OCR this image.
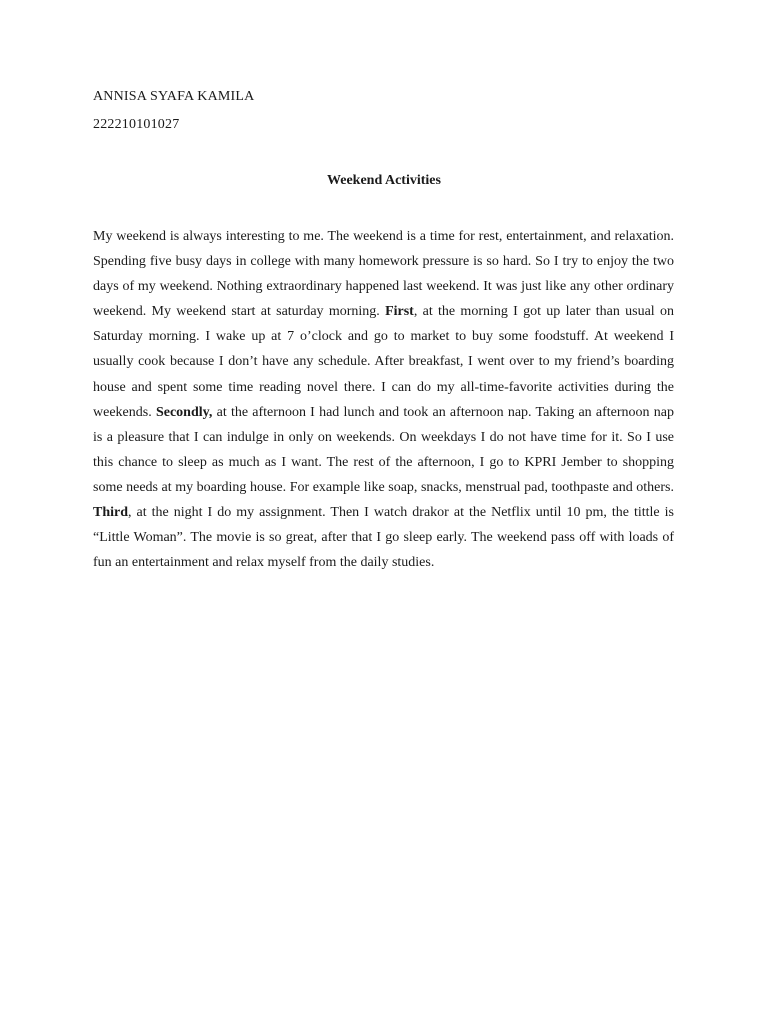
ANNISA SYAFA KAMILA
222210101027
Weekend Activities

My weekend is always interesting to me. The weekend is a time for rest, entertainment, and relaxation. Spending five busy days in college with many homework pressure is so hard. So I try to enjoy the two days of my weekend. Nothing extraordinary happened last weekend. It was just like any other ordinary weekend. My weekend start at saturday morning. First, at the morning I got up later than usual on Saturday morning. I wake up at 7 o’clock and go to market to buy some foodstuff. At weekend I usually cook because I don’t have any schedule. After breakfast, I went over to my friend’s boarding house and spent some time reading novel there. I can do my all-time-favorite activities during the weekends. Secondly, at the afternoon I had lunch and took an afternoon nap. Taking an afternoon nap is a pleasure that I can indulge in only on weekends. On weekdays I do not have time for it. So I use this chance to sleep as much as I want. The rest of the afternoon, I go to KPRI Jember to shopping some needs at my boarding house. For example like soap, snacks, menstrual pad, toothpaste and others. Third, at the night I do my assignment. Then I watch drakor at the Netflix until 10 pm, the tittle is “Little Woman”. The movie is so great, after that I go sleep early. The weekend pass off with loads of fun an entertainment and relax myself from the daily studies.
